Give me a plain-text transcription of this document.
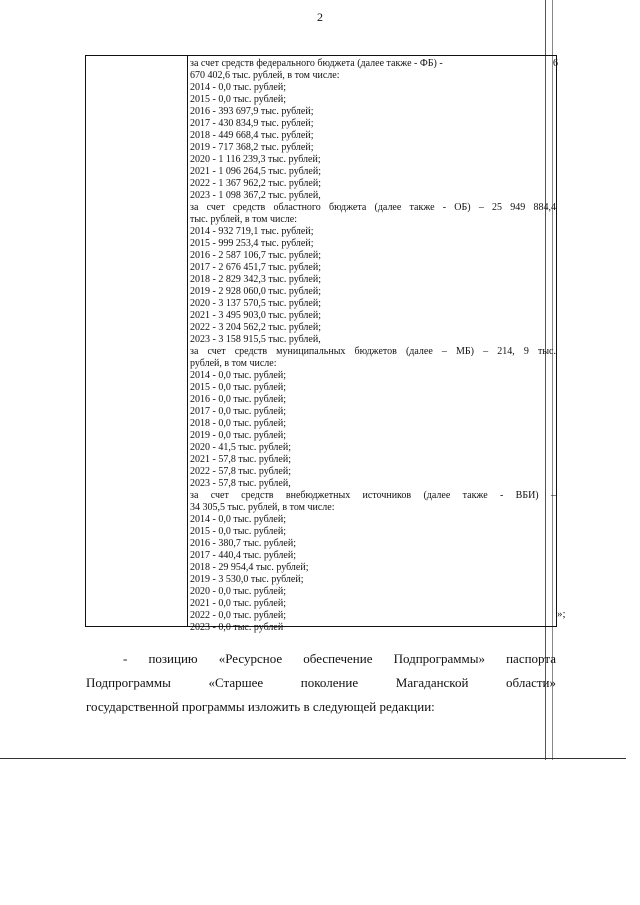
2
за счет средств федерального бюджета (далее также - ФБ) -
670 402,6 тыс. рублей, в том числе:
2014 - 0,0 тыс. рублей;
2015 - 0,0 тыс. рублей;
2016 - 393 697,9 тыс. рублей;
2017 - 430 834,9 тыс. рублей;
2018 - 449 668,4 тыс. рублей;
2019 - 717 368,2 тыс. рублей;
2020 - 1 116 239,3 тыс. рублей;
2021 - 1 096 264,5 тыс. рублей;
2022 - 1 367 962,2 тыс. рублей;
2023 - 1 098 367,2 тыс. рублей,
за счет средств областного бюджета (далее также - ОБ) – 25 949 884,4
тыс. рублей, в том числе:
2014 - 932 719,1 тыс. рублей;
2015 - 999 253,4 тыс. рублей;
2016 - 2 587 106,7 тыс. рублей;
2017 - 2 676 451,7 тыс. рублей;
2018 - 2 829 342,3 тыс. рублей;
2019 - 2 928 060,0 тыс. рублей;
2020 - 3 137 570,5 тыс. рублей;
2021 - 3 495 903,0 тыс. рублей;
2022 - 3 204 562,2 тыс. рублей;
2023 - 3 158 915,5 тыс. рублей,
за счет средств муниципальных бюджетов (далее – МБ) – 214, 9 тыс.
рублей, в том числе:
2014 - 0,0 тыс. рублей;
2015 - 0,0 тыс. рублей;
2016 - 0,0 тыс. рублей;
2017 - 0,0 тыс. рублей;
2018 - 0,0 тыс. рублей;
2019 - 0,0 тыс. рублей;
2020 - 41,5 тыс. рублей;
2021 - 57,8 тыс. рублей;
2022 - 57,8 тыс. рублей;
2023 - 57,8 тыс. рублей,
за счет средств внебюджетных источников (далее также - ВБИ) –
34 305,5 тыс. рублей, в том числе:
2014 - 0,0 тыс. рублей;
2015 - 0,0 тыс. рублей;
2016 - 380,7 тыс. рублей;
2017 - 440,4 тыс. рублей;
2018 - 29 954,4 тыс. рублей;
2019 - 3 530,0 тыс. рублей;
2020 - 0,0 тыс. рублей;
2021 - 0,0 тыс. рублей;
2022 - 0,0 тыс. рублей;
2023 - 0,0 тыс. рублей
6
»;
- позицию «Ресурсное обеспечение Подпрограммы» паспорта
Подпрограммы «Старшее поколение Магаданской области»
государственной программы изложить в следующей редакции:
